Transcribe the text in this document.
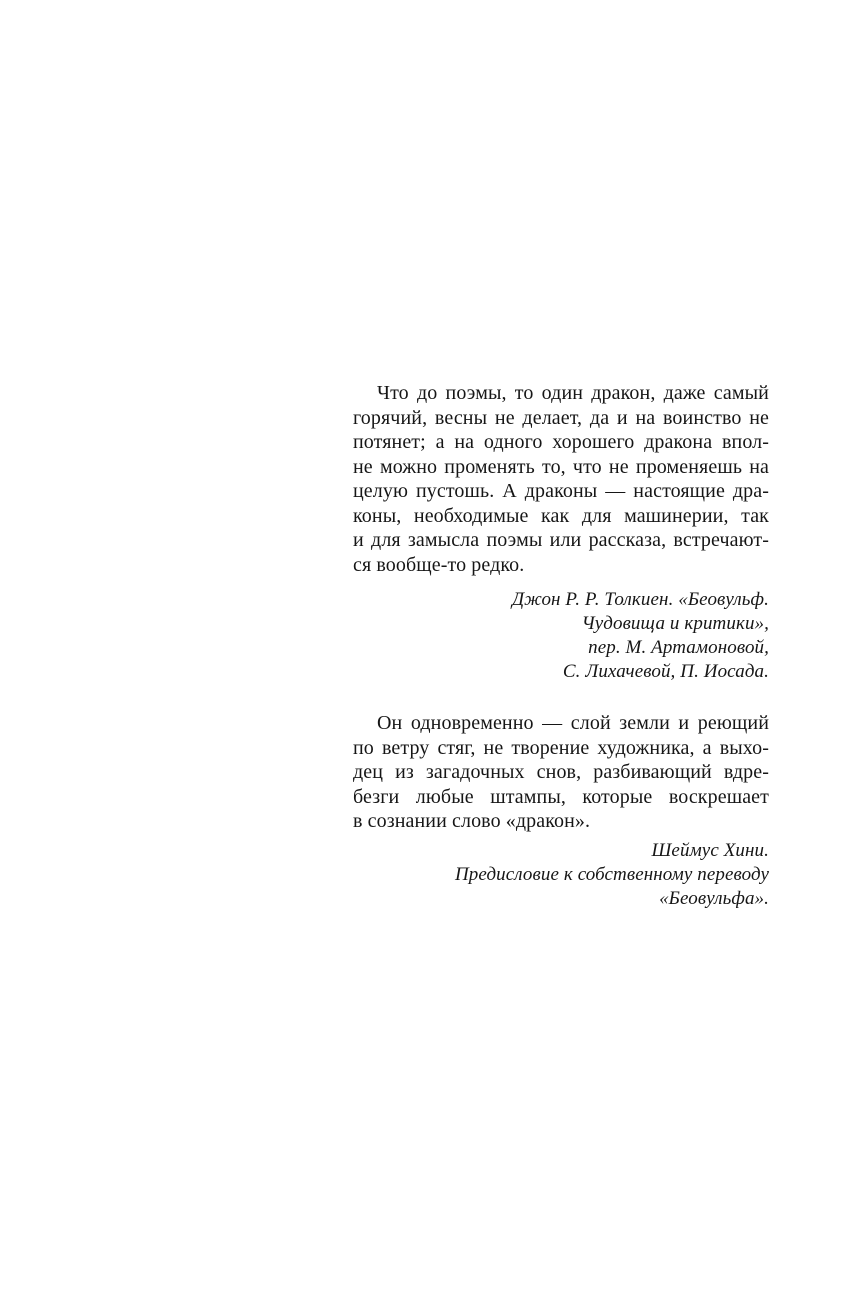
Что до поэмы, то один дракон, даже самый
горячий, весны не делает, да и на воинство не
потянет; а на одного хорошего дракона впол-
не можно променять то, что не променяешь на
целую пустошь. А драконы — настоящие дра-
коны, необходимые как для машинерии, так
и для замысла поэмы или рассказа, встречают-
ся вообще-то редко.
Джон Р. Р. Толкиен. «Беовульф.
Чудовища и критики»,
пер. М. Артамоновой,
С. Лихачевой, П. Иосада.
Он одновременно — слой земли и реющий
по ветру стяг, не творение художника, а выхо-
дец из загадочных снов, разбивающий вдре-
безги любые штампы, которые воскрешает
в сознании слово «дракон».
Шеймус Хини.
Предисловие к собственному переводу
«Беовульфа».
